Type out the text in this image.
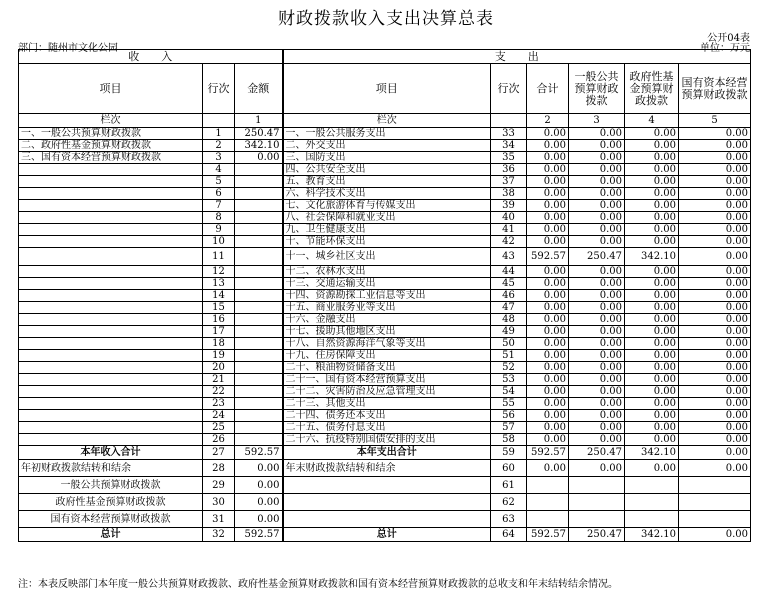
财政拨款收入支出决算总表
公开04表
部门：随州市文化公园	单位：万元
收　　入			支　　出					
项目	行次	金额	项目	行次	合计	一般公共预算财政拨款	政府性基金预算财政拨款	国有资本经营预算财政拨款
栏次		1	栏次		2	3	4	5
一、一般公共预算财政拨款	1	250.47	一、一般公共服务支出	33	0.00	0.00	0.00	0.00
二、政府性基金预算财政拨款	2	342.10	二、外交支出	34	0.00	0.00	0.00	0.00
三、国有资本经营预算财政拨款	3	0.00	三、国防支出	35	0.00	0.00	0.00	0.00
	4		四、公共安全支出	36	0.00	0.00	0.00	0.00
	5		五、教育支出	37	0.00	0.00	0.00	0.00
	6		六、科学技术支出	38	0.00	0.00	0.00	0.00
	7		七、文化旅游体育与传媒支出	39	0.00	0.00	0.00	0.00
	8		八、社会保障和就业支出	40	0.00	0.00	0.00	0.00
	9		九、卫生健康支出	41	0.00	0.00	0.00	0.00
	10		十、节能环保支出	42	0.00	0.00	0.00	0.00
	11		十一、城乡社区支出	43	592.57	250.47	342.10	0.00
	12		十二、农林水支出	44	0.00	0.00	0.00	0.00
	13		十三、交通运输支出	45	0.00	0.00	0.00	0.00
	14		十四、资源勘探工业信息等支出	46	0.00	0.00	0.00	0.00
	15		十五、商业服务业等支出	47	0.00	0.00	0.00	0.00
	16		十六、金融支出	48	0.00	0.00	0.00	0.00
	17		十七、援助其他地区支出	49	0.00	0.00	0.00	0.00
	18		十八、自然资源海洋气象等支出	50	0.00	0.00	0.00	0.00
	19		十九、住房保障支出	51	0.00	0.00	0.00	0.00
	20		二十、粮油物资储备支出	52	0.00	0.00	0.00	0.00
	21		二十一、国有资本经营预算支出	53	0.00	0.00	0.00	0.00
	22		二十二、灾害防治及应急管理支出	54	0.00	0.00	0.00	0.00
	23		二十三、其他支出	55	0.00	0.00	0.00	0.00
	24		二十四、债务还本支出	56	0.00	0.00	0.00	0.00
	25		二十五、债务付息支出	57	0.00	0.00	0.00	0.00
	26		二十六、抗疫特别国债安排的支出	58	0.00	0.00	0.00	0.00
本年收入合计	27	592.57	本年支出合计	59	592.57	250.47	342.10	0.00
年初财政拨款结转和结余	28	0.00	年末财政拨款结转和结余	60	0.00	0.00	0.00	0.00
一般公共预算财政拨款	29	0.00		61				
政府性基金预算财政拨款	30	0.00		62				
国有资本经营预算财政拨款	31	0.00		63				
总计	32	592.57	总计	64	592.57	250.47	342.10	0.00
注：本表反映部门本年度一般公共预算财政拨款、政府性基金预算财政拨款和国有资本经营预算财政拨款的总收支和年末结转结余情况。
